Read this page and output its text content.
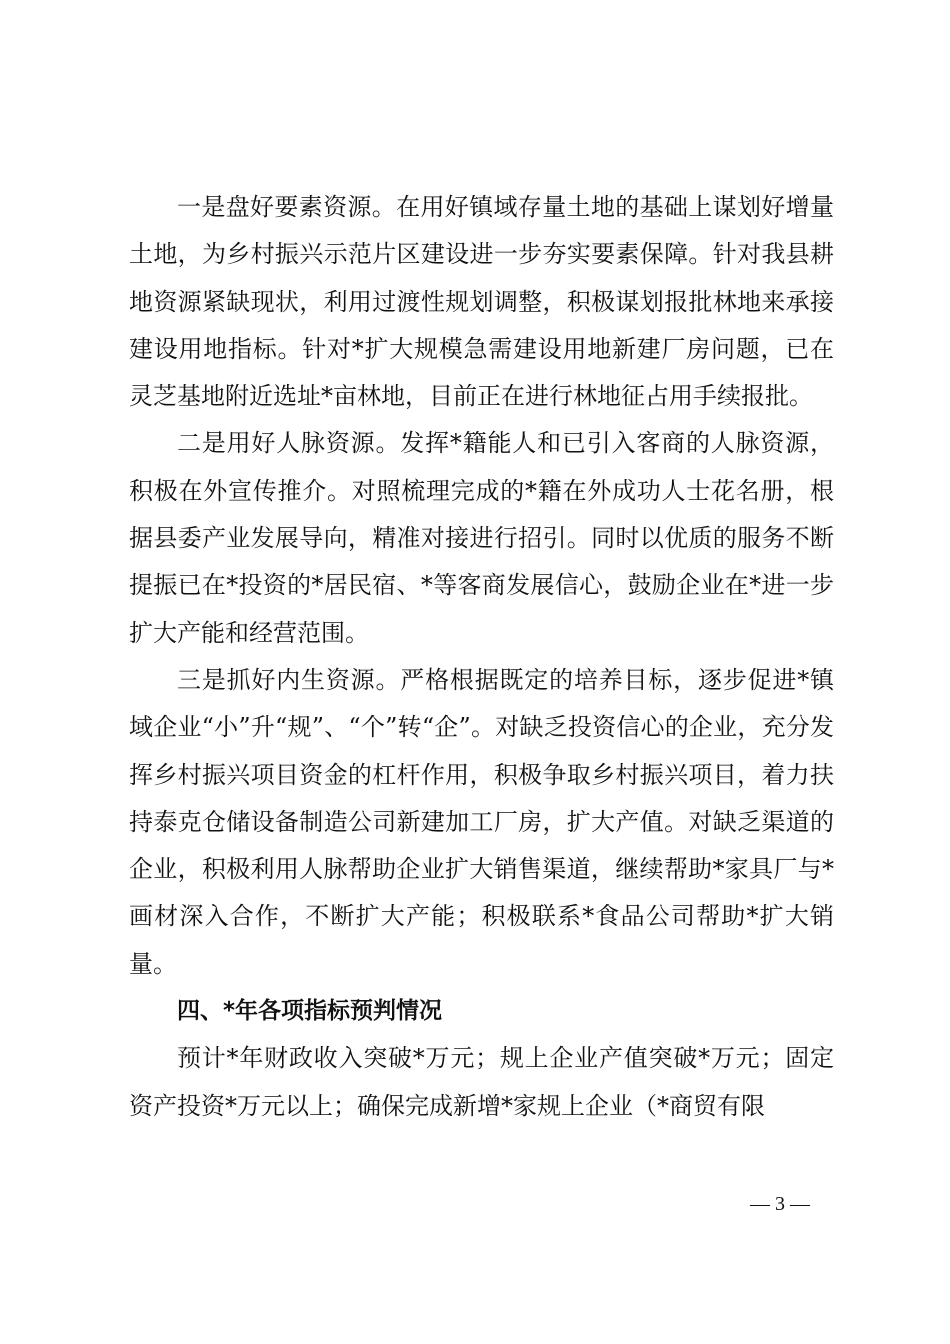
一是盘好要素资源。在用好镇域存量土地的基础上谋划好增量土地，为乡村振兴示范片区建设进一步夯实要素保障。针对我县耕地资源紧缺现状，利用过渡性规划调整，积极谋划报批林地来承接建设用地指标。针对*扩大规模急需建设用地新建厂房问题，已在灵芝基地附近选址*亩林地，目前正在进行林地征占用手续报批。

二是用好人脉资源。发挥*籍能人和已引入客商的人脉资源，积极在外宣传推介。对照梳理完成的*籍在外成功人士花名册，根据县委产业发展导向，精准对接进行招引。同时以优质的服务不断提振已在*投资的*居民宿、*等客商发展信心，鼓励企业在*进一步扩大产能和经营范围。

三是抓好内生资源。严格根据既定的培养目标，逐步促进*镇域企业“小”升“规”、“个”转“企”。对缺乏投资信心的企业，充分发挥乡村振兴项目资金的杠杆作用，积极争取乡村振兴项目，着力扶持泰克仓储设备制造公司新建加工厂房，扩大产值。对缺乏渠道的企业，积极利用人脉帮助企业扩大销售渠道，继续帮助*家具厂与*画材深入合作，不断扩大产能；积极联系*食品公司帮助*扩大销量。

四、*年各项指标预判情况

预计*年财政收入突破*万元；规上企业产值突破*万元；固定资产投资*万元以上；确保完成新增*家规上企业（*商贸有限

— 3 —
